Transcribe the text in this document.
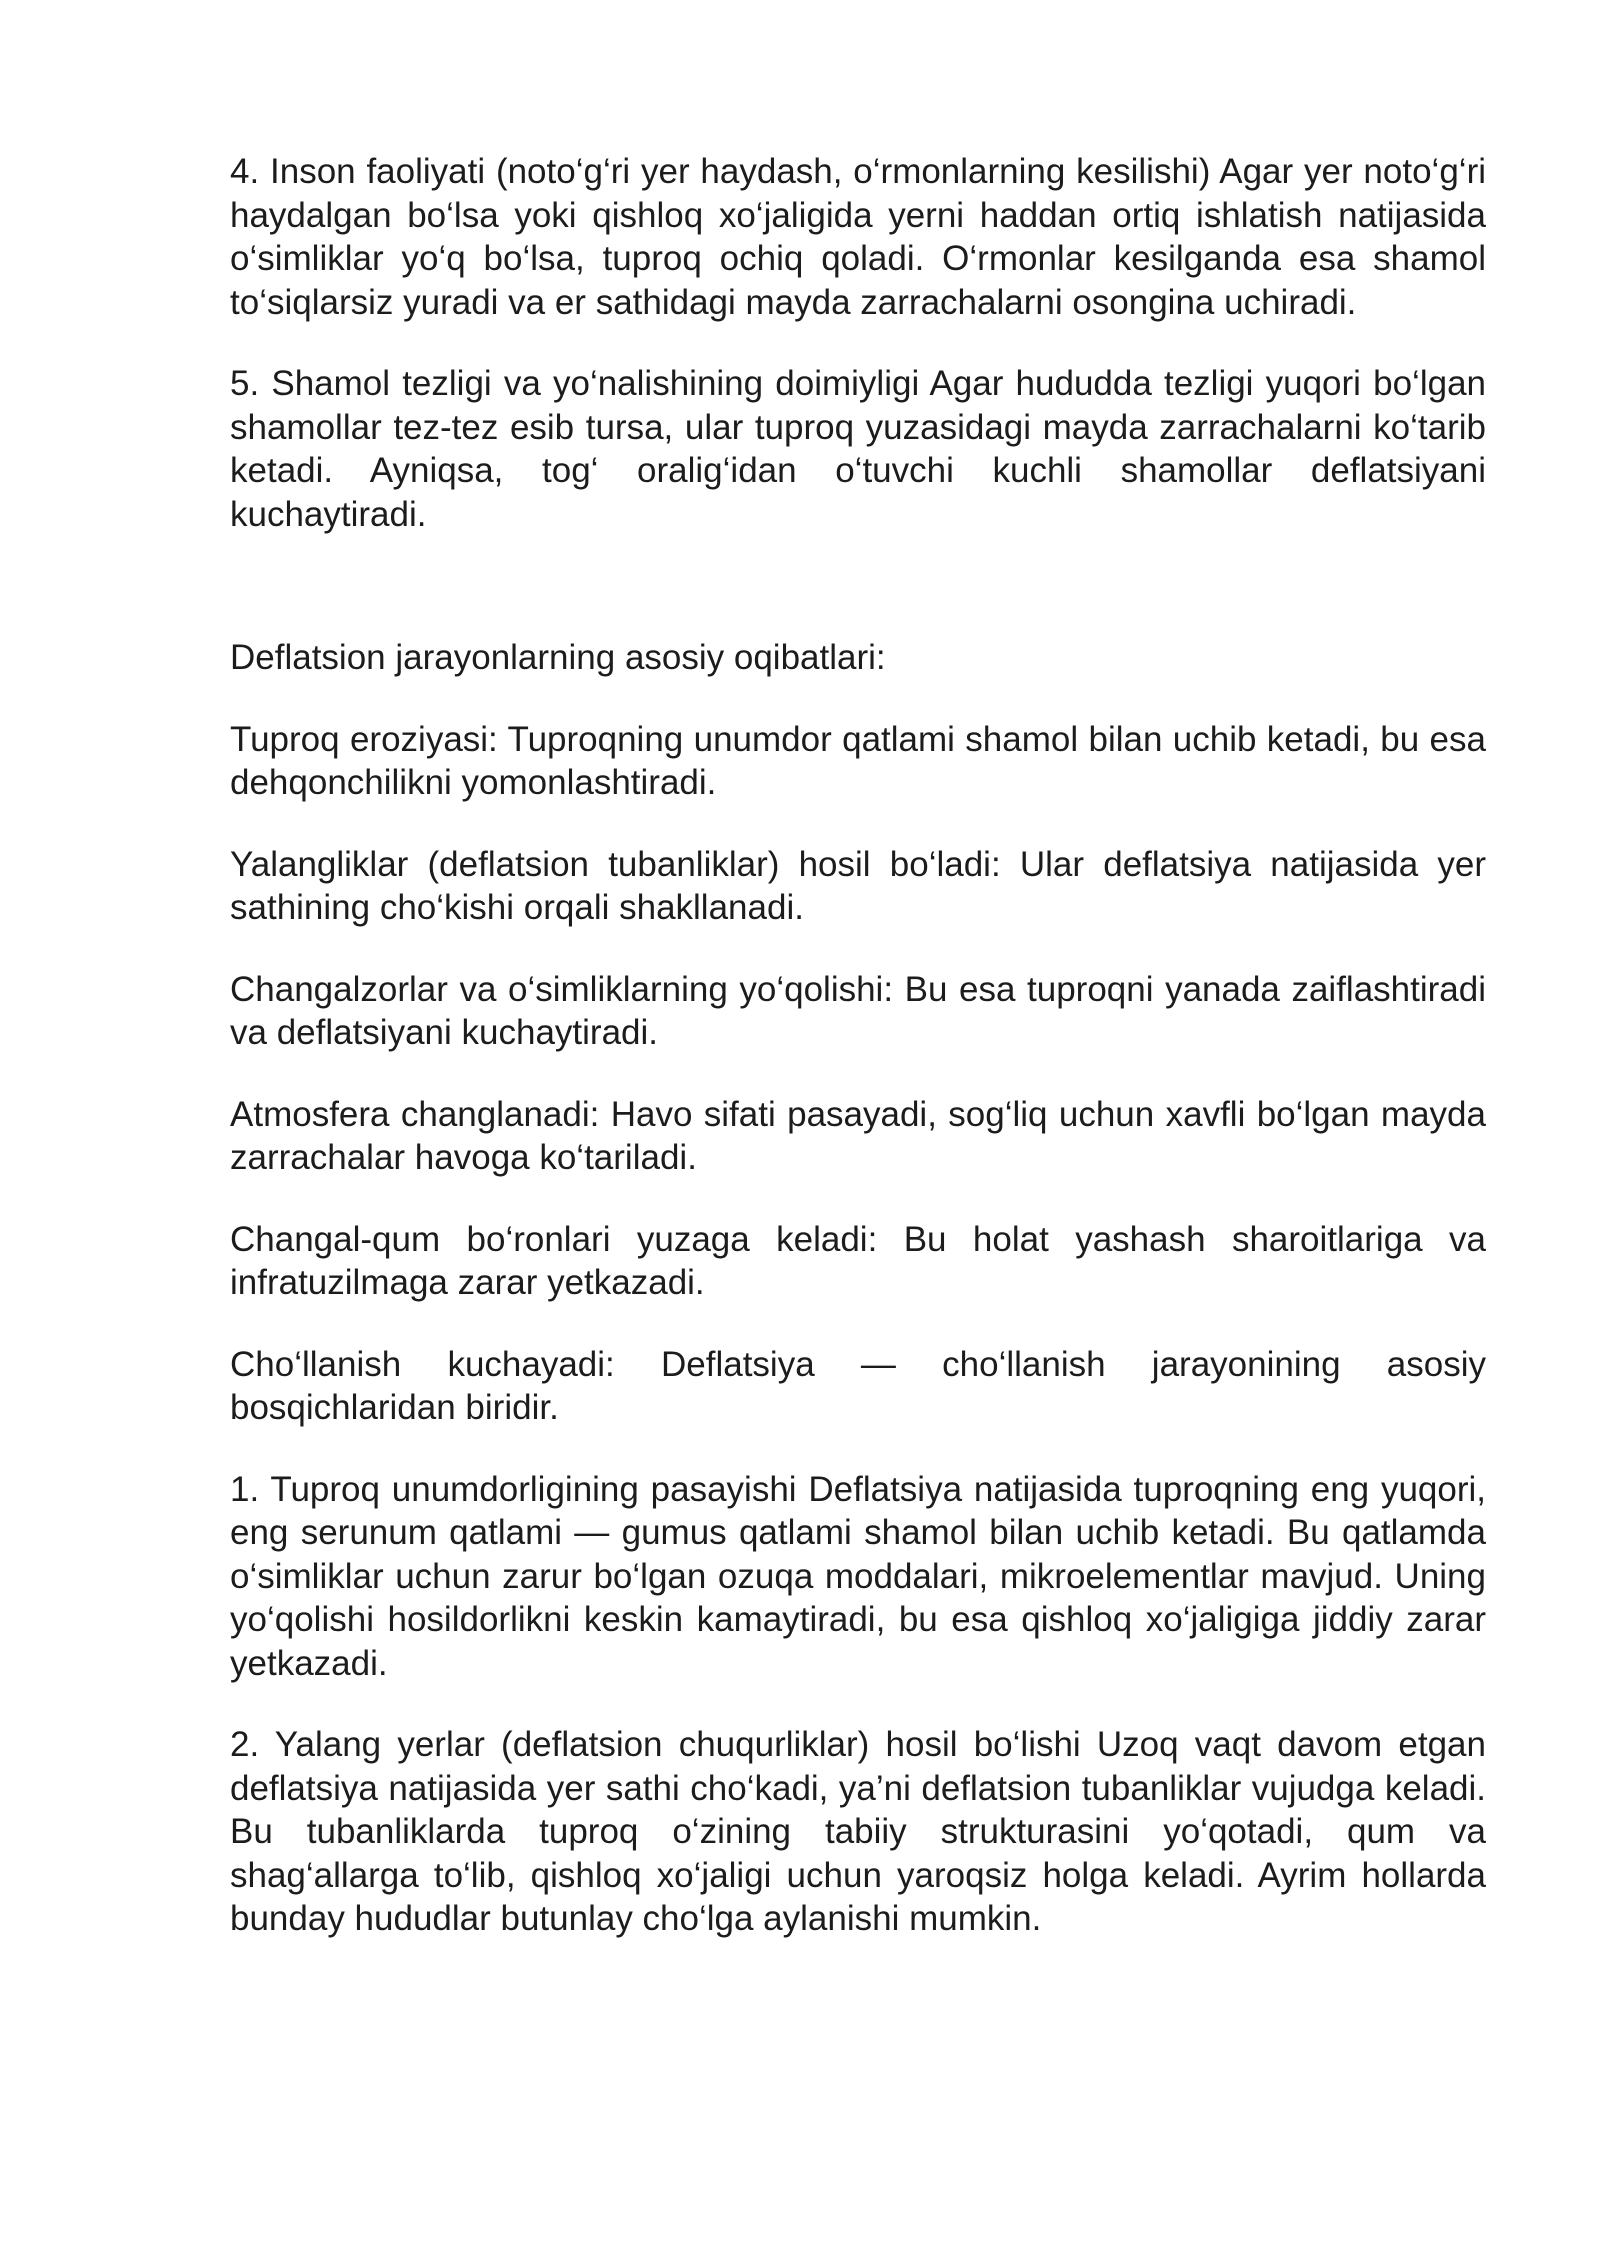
4. Inson faoliyati (noto‘g‘ri yer haydash, o‘rmonlarning kesilishi) Agar yer noto‘g‘ri haydalgan bo‘lsa yoki qishloq xo‘jaligida yerni haddan ortiq ishlatish natijasida o‘simliklar yo‘q bo‘lsa, tuproq ochiq qoladi. O‘rmonlar kesilganda esa shamol to‘siqlarsiz yuradi va er sathidagi mayda zarrachalarni osongina uchiradi.

5. Shamol tezligi va yo‘nalishining doimiyligi Agar hududda tezligi yuqori bo‘lgan shamollar tez-tez esib tursa, ular tuproq yuzasidagi mayda zarrachalarni ko‘tarib ketadi. Ayniqsa, tog‘ oralig‘idan o‘tuvchi kuchli shamollar deflatsiyani kuchaytiradi.

Deflatsion jarayonlarning asosiy oqibatlari:

Tuproq eroziyasi: Tuproqning unumdor qatlami shamol bilan uchib ketadi, bu esa dehqonchilikni yomonlashtiradi.

Yalangliklar (deflatsion tubanliklar) hosil bo‘ladi: Ular deflatsiya natijasida yer sathining cho‘kishi orqali shakllanadi.

Changalzorlar va o‘simliklarning yo‘qolishi: Bu esa tuproqni yanada zaiflashtiradi va deflatsiyani kuchaytiradi.

Atmosfera changlanadi: Havo sifati pasayadi, sog‘liq uchun xavfli bo‘lgan mayda zarrachalar havoga ko‘tariladi.

Changal-qum bo‘ronlari yuzaga keladi: Bu holat yashash sharoitlariga va infratuzilmaga zarar yetkazadi.

Cho‘llanish kuchayadi: Deflatsiya — cho‘llanish jarayonining asosiy bosqichlaridan biridir.

1. Tuproq unumdorligining pasayishi Deflatsiya natijasida tuproqning eng yuqori, eng serunum qatlami — gumus qatlami shamol bilan uchib ketadi. Bu qatlamda o‘simliklar uchun zarur bo‘lgan ozuqa moddalari, mikroelementlar mavjud. Uning yo‘qolishi hosildorlikni keskin kamaytiradi, bu esa qishloq xo‘jaligiga jiddiy zarar yetkazadi.

2. Yalang yerlar (deflatsion chuqurliklar) hosil bo‘lishi Uzoq vaqt davom etgan deflatsiya natijasida yer sathi cho‘kadi, ya’ni deflatsion tubanliklar vujudga keladi. Bu tubanliklarda tuproq o‘zining tabiiy strukturasini yo‘qotadi, qum va shag‘allarga to‘lib, qishloq xo‘jaligi uchun yaroqsiz holga keladi. Ayrim hollarda bunday hududlar butunlay cho‘lga aylanishi mumkin.
